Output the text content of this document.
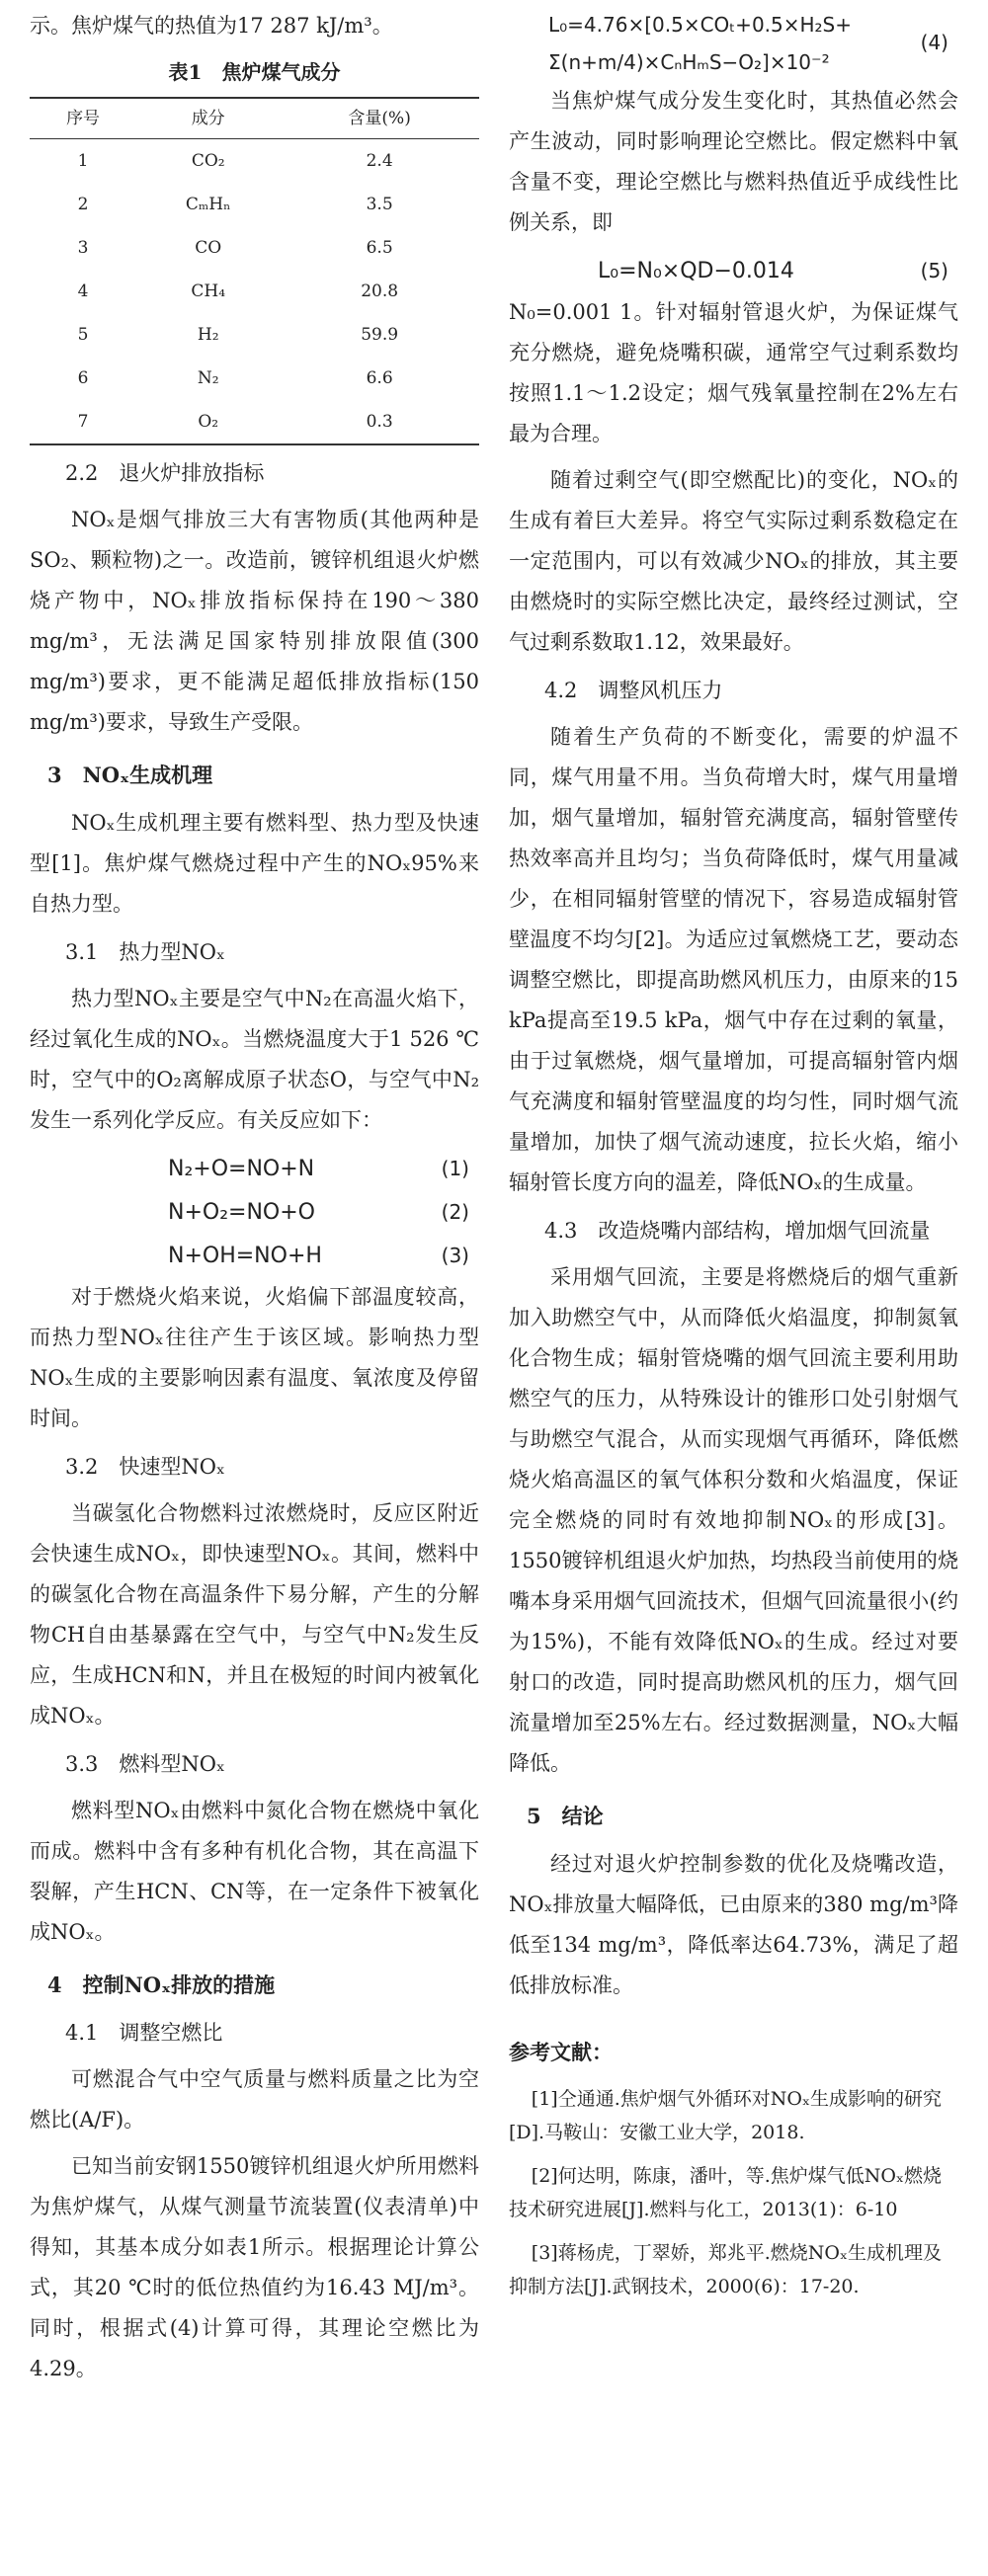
示。焦炉煤气的热值为17 287 kJ/m³。

表1　焦炉煤气成分
序号	成分	含量(%)
1	CO₂	2.4
2	CₘHₙ	3.5
3	CO	6.5
4	CH₄	20.8
5	H₂	59.9
6	N₂	6.6
7	O₂	0.3

2.2　退火炉排放指标

NOₓ是烟气排放三大有害物质(其他两种是SO₂、颗粒物)之一。改造前，镀锌机组退火炉燃烧产物中，NOₓ排放指标保持在190～380 mg/m³，无法满足国家特别排放限值(300 mg/m³)要求，更不能满足超低排放指标(150 mg/m³)要求，导致生产受限。

3　NOₓ生成机理

NOₓ生成机理主要有燃料型、热力型及快速型[1]。焦炉煤气燃烧过程中产生的NOₓ95%来自热力型。

3.1　热力型NOₓ

热力型NOₓ主要是空气中N₂在高温火焰下，经过氧化生成的NOₓ。当燃烧温度大于1 526 ℃时，空气中的O₂离解成原子状态O，与空气中N₂发生一系列化学反应。有关反应如下：

N₂+O=NO+N	(1)
N+O₂=NO+O	(2)
N+OH=NO+H	(3)

对于燃烧火焰来说，火焰偏下部温度较高，而热力型NOₓ往往产生于该区域。影响热力型NOₓ生成的主要影响因素有温度、氧浓度及停留时间。

3.2　快速型NOₓ

当碳氢化合物燃料过浓燃烧时，反应区附近会快速生成NOₓ，即快速型NOₓ。其间，燃料中的碳氢化合物在高温条件下易分解，产生的分解物CH自由基暴露在空气中，与空气中N₂发生反应，生成HCN和N，并且在极短的时间内被氧化成NOₓ。

3.3　燃料型NOₓ

燃料型NOₓ由燃料中氮化合物在燃烧中氧化而成。燃料中含有多种有机化合物，其在高温下裂解，产生HCN、CN等，在一定条件下被氧化成NOₓ。

4　控制NOₓ排放的措施

4.1　调整空燃比

可燃混合气中空气质量与燃料质量之比为空燃比(A/F)。

已知当前安钢1550镀锌机组退火炉所用燃料为焦炉煤气，从煤气测量节流装置(仪表清单)中得知，其基本成分如表1所示。根据理论计算公式，其20 ℃时的低位热值约为16.43 MJ/m³。同时，根据式(4)计算可得，其理论空燃比为4.29。

L₀=4.76×[0.5×COₜ+0.5×H₂S+
Σ(n+m/4)×CₙHₘS−O₂]×10⁻²
(4)

当焦炉煤气成分发生变化时，其热值必然会产生波动，同时影响理论空燃比。假定燃料中氧含量不变，理论空燃比与燃料热值近乎成线性比例关系，即

L₀=N₀×QD−0.014	(5)

N₀=0.001 1。针对辐射管退火炉，为保证煤气充分燃烧，避免烧嘴积碳，通常空气过剩系数均按照1.1～1.2设定；烟气残氧量控制在2%左右最为合理。

随着过剩空气(即空燃配比)的变化，NOₓ的生成有着巨大差异。将空气实际过剩系数稳定在一定范围内，可以有效减少NOₓ的排放，其主要由燃烧时的实际空燃比决定，最终经过测试，空气过剩系数取1.12，效果最好。

4.2　调整风机压力

随着生产负荷的不断变化，需要的炉温不同，煤气用量不用。当负荷增大时，煤气用量增加，烟气量增加，辐射管充满度高，辐射管壁传热效率高并且均匀；当负荷降低时，煤气用量减少，在相同辐射管壁的情况下，容易造成辐射管壁温度不均匀[2]。为适应过氧燃烧工艺，要动态调整空燃比，即提高助燃风机压力，由原来的15 kPa提高至19.5 kPa，烟气中存在过剩的氧量，由于过氧燃烧，烟气量增加，可提高辐射管内烟气充满度和辐射管壁温度的均匀性，同时烟气流量增加，加快了烟气流动速度，拉长火焰，缩小辐射管长度方向的温差，降低NOₓ的生成量。

4.3　改造烧嘴内部结构，增加烟气回流量

采用烟气回流，主要是将燃烧后的烟气重新加入助燃空气中，从而降低火焰温度，抑制氮氧化合物生成；辐射管烧嘴的烟气回流主要利用助燃空气的压力，从特殊设计的锥形口处引射烟气与助燃空气混合，从而实现烟气再循环，降低燃烧火焰高温区的氧气体积分数和火焰温度，保证完全燃烧的同时有效地抑制NOₓ的形成[3]。1550镀锌机组退火炉加热，均热段当前使用的烧嘴本身采用烟气回流技术，但烟气回流量很小(约为15%)，不能有效降低NOₓ的生成。经过对要射口的改造，同时提高助燃风机的压力，烟气回流量增加至25%左右。经过数据测量，NOₓ大幅降低。

5　结论

经过对退火炉控制参数的优化及烧嘴改造，NOₓ排放量大幅降低，已由原来的380 mg/m³降低至134 mg/m³，降低率达64.73%，满足了超低排放标准。

参考文献：
[1]仝通通.焦炉烟气外循环对NOₓ生成影响的研究[D].马鞍山：安徽工业大学，2018.
[2]何达明，陈康，潘叶，等.焦炉煤气低NOₓ燃烧技术研究进展[J].燃料与化工，2013(1)：6-10
[3]蒋杨虎，丁翠娇，郑兆平.燃烧NOₓ生成机理及抑制方法[J].武钢技术，2000(6)：17-20.
